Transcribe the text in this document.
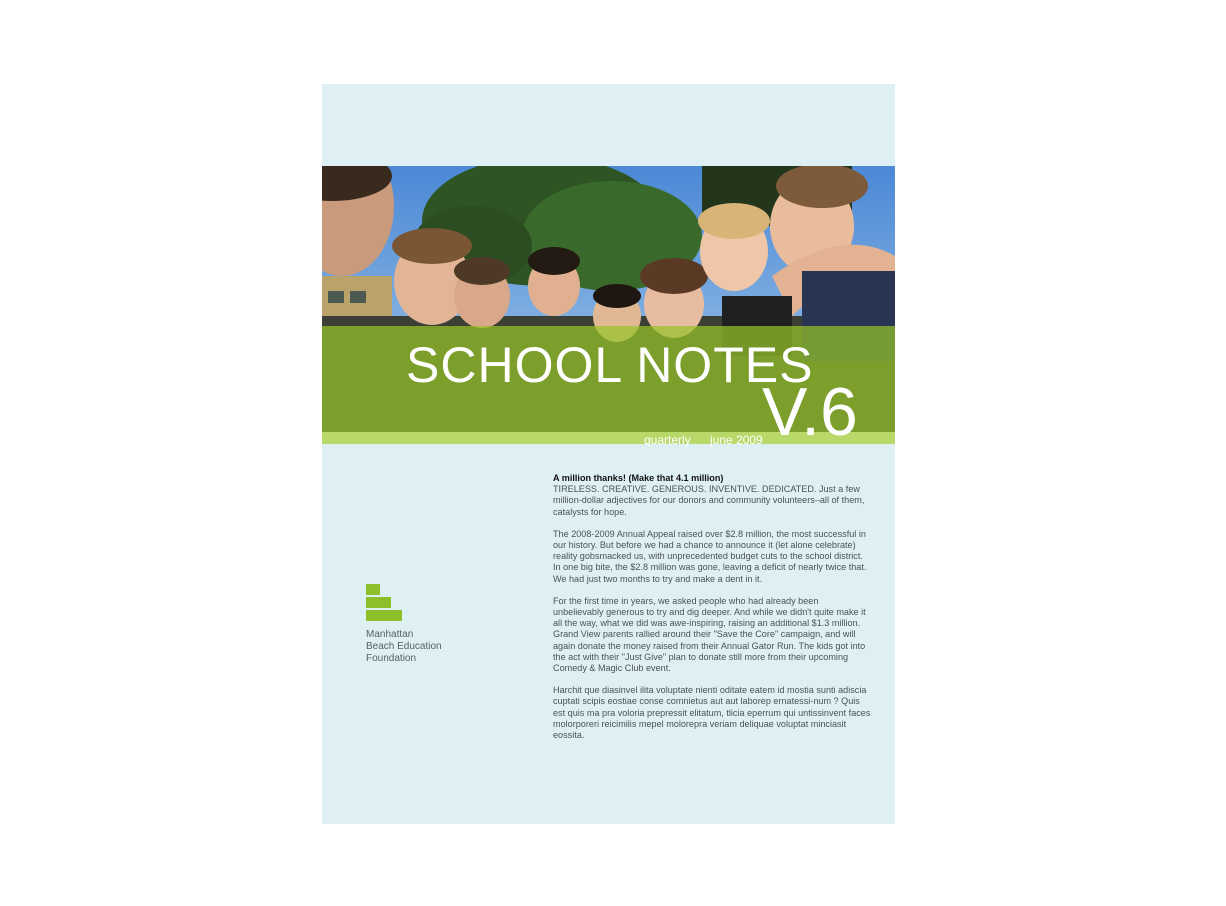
SCHOOL NOTES
V.6
quarterly june 2009
Manhattan
Beach Education
Foundation

A million thanks! (Make that 4.1 million)
TIRELESS. CREATIVE. GENEROUS. INVENTIVE. DEDICATED. Just a few million-dollar adjectives for our donors and community volunteers–all of them, catalysts for hope.

The 2008-2009 Annual Appeal raised over $2.8 million, the most successful in our history. But before we had a chance to announce it (let alone celebrate) reality gobsmacked us, with unprecedented budget cuts to the school district. In one big bite, the $2.8 million was gone, leaving a deficit of nearly twice that. We had just two months to try and make a dent in it.

For the first time in years, we asked people who had already been unbelievably generous to try and dig deeper. And while we didn't quite make it all the way, what we did was awe-inspiring, raising an additional $1.3 million. Grand View parents rallied around their "Save the Core" campaign, and will again donate the money raised from their Annual Gator Run. The kids got into the act with their "Just Give" plan to donate still more from their upcoming Comedy & Magic Club event.

Harchit que diasinvel ilita voluptate nienti oditate eatem id mostia sunti adiscia cuptati scipis eostiae conse comnietus aut aut laborep ernatessi-num ? Quis est quis ma pra voloria prepressit elitatum, tlicia eperrum qui untissinvent faces molorporeri reicimilis mepel molorepra veriam deliquae voluptat minciasit eossita.
